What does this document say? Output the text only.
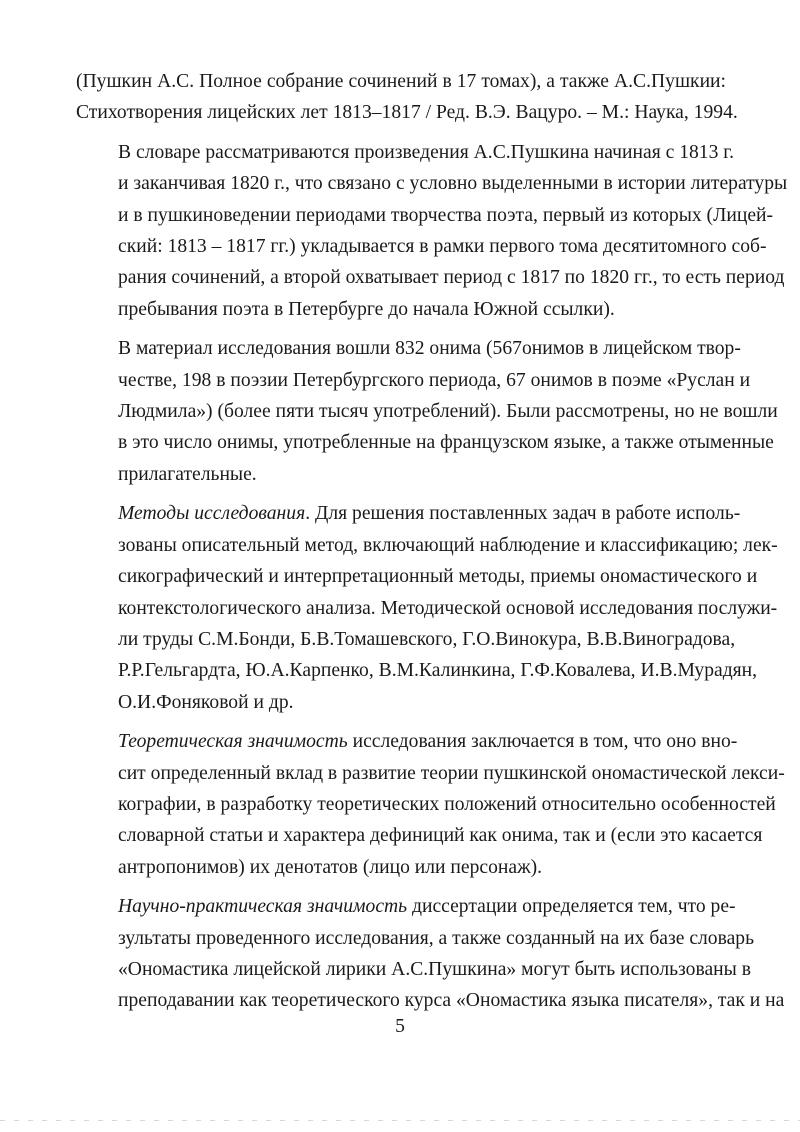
(Пушкин А.С. Полное собрание сочинений в 17 томах), а также А.С.Пушкии:
Стихотворения лицейских лет 1813–1817 / Ред. В.Э. Вацуро. – М.: Наука, 1994.

В словаре рассматриваются произведения А.С.Пушкина начиная с 1813 г.
и заканчивая 1820 г., что связано с условно выделенными в истории литературы
и в пушкиноведении периодами творчества поэта, первый из которых (Лицей-
ский: 1813 – 1817 гг.) укладывается в рамки первого тома десятитомного соб-
рания сочинений, а второй охватывает период с 1817 по 1820 гг., то есть период
пребывания поэта в Петербурге до начала Южной ссылки).

В материал исследования вошли 832 онима (567онимов в лицейском твор-
честве, 198 в поэзии Петербургского периода, 67 онимов в поэме «Руслан и
Людмила») (более пяти тысяч употреблений). Были рассмотрены, но не вошли
в это число онимы, употребленные на французском языке, а также отыменные
прилагательные.

Методы исследования. Для решения поставленных задач в работе исполь-
зованы описательный метод, включающий наблюдение и классификацию; лек-
сикографический и интерпретационный методы, приемы ономастического и
контекстологического анализа. Методической основой исследования послужи-
ли труды С.М.Бонди, Б.В.Томашевского, Г.О.Винокура, В.В.Виноградова,
Р.Р.Гельгардта, Ю.А.Карпенко, В.М.Калинкина, Г.Ф.Ковалева, И.В.Мурадян,
О.И.Фоняковой и др.

Теоретическая значимость исследования заключается в том, что оно вно-
сит определенный вклад в развитие теории пушкинской ономастической лекси-
кографии, в разработку теоретических положений относительно особенностей
словарной статьи и характера дефиниций как онима, так и (если это касается
антропонимов) их денотатов (лицо или персонаж).

Научно-практическая значимость диссертации определяется тем, что ре-
зультаты проведенного исследования, а также созданный на их базе словарь
«Ономастика лицейской лирики А.С.Пушкина» могут быть использованы в
преподавании как теоретического курса «Ономастика языка писателя», так и на

5
